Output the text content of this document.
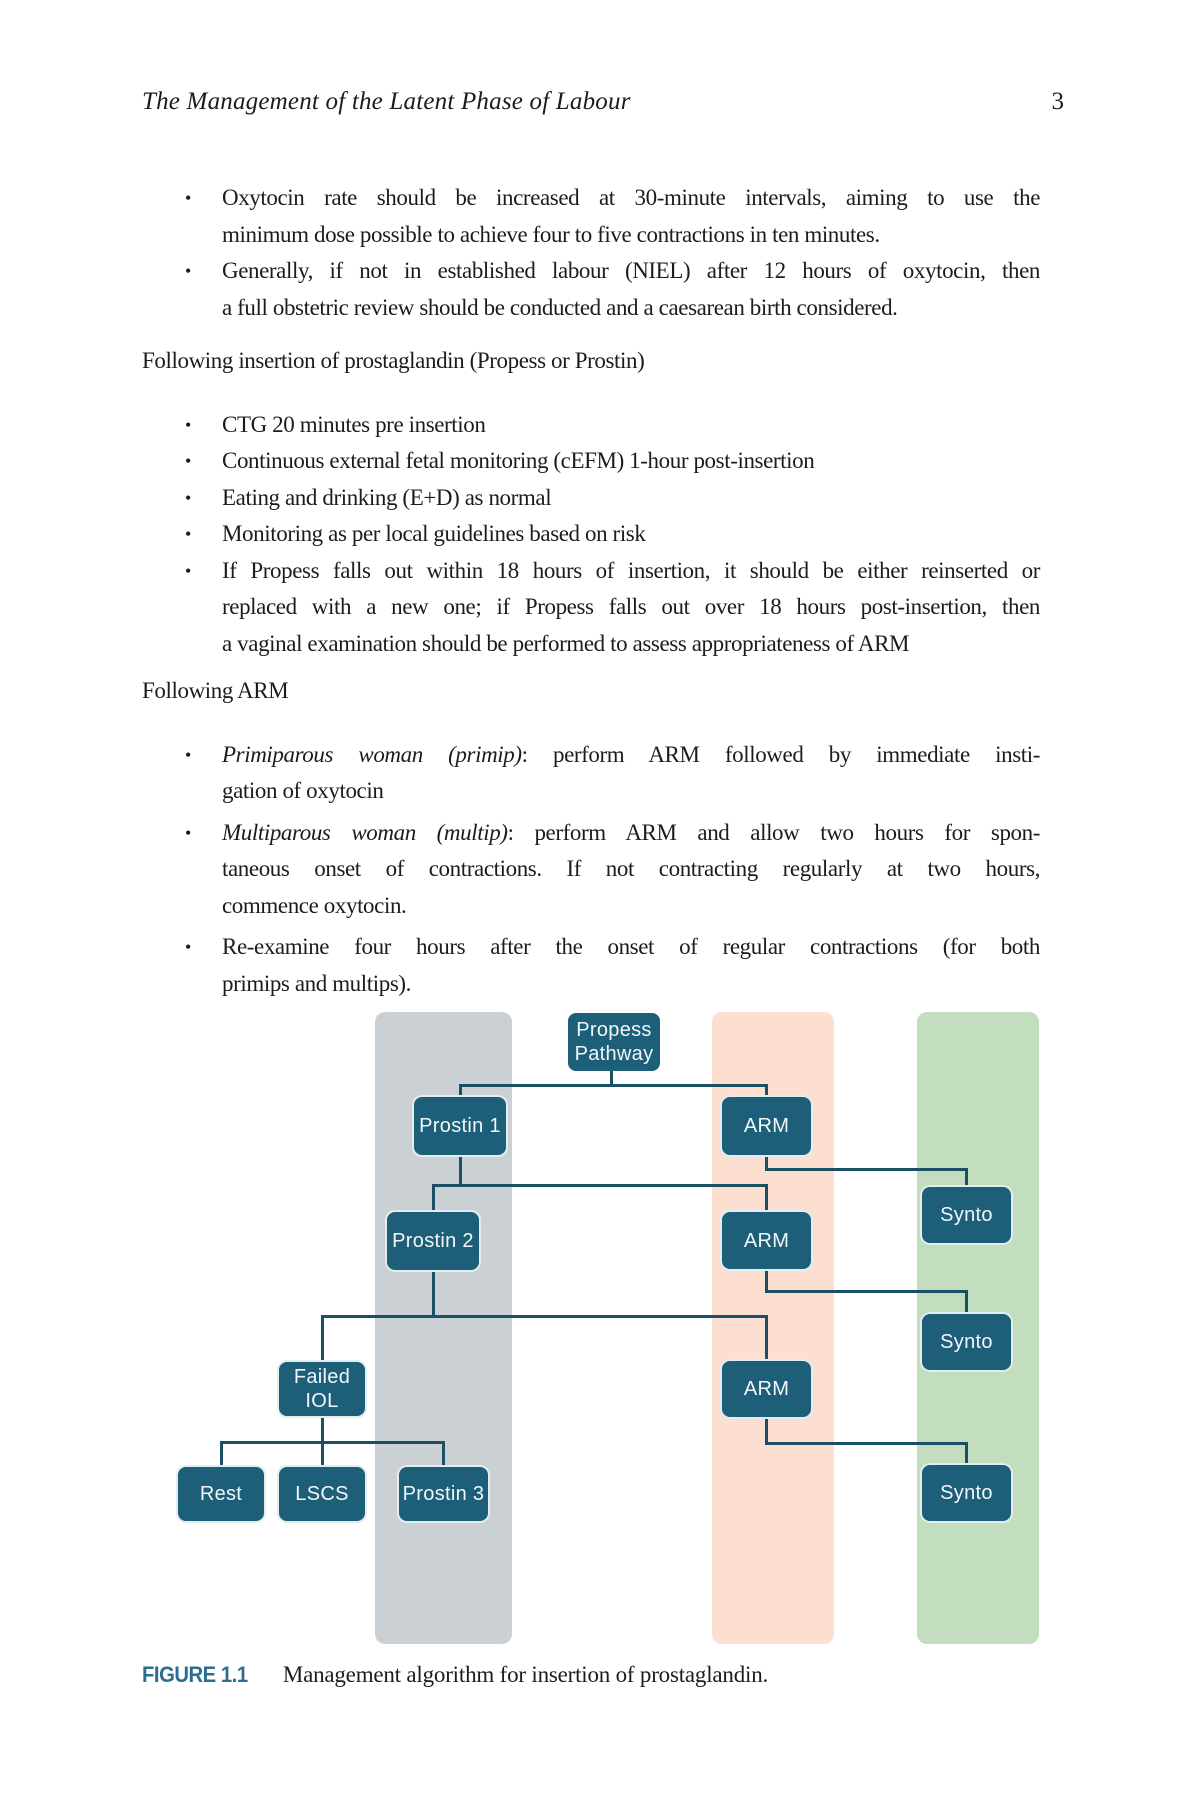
The Management of the Latent Phase of Labour	3
•	Oxytocin rate should be increased at 30-minute intervals, aiming to use the
minimum dose possible to achieve four to five contractions in ten minutes.
•	Generally, if not in established labour (NIEL) after 12 hours of oxytocin, then
a full obstetric review should be conducted and a caesarean birth considered.
Following insertion of prostaglandin (Propess or Prostin)
•	CTG 20 minutes pre insertion
•	Continuous external fetal monitoring (cEFM) 1-hour post-insertion
•	Eating and drinking (E+D) as normal
•	Monitoring as per local guidelines based on risk
•	If Propess falls out within 18 hours of insertion, it should be either reinserted or
replaced with a new one; if Propess falls out over 18 hours post-insertion, then
a vaginal examination should be performed to assess appropriateness of ARM
Following ARM
•	Primiparous woman (primip): perform ARM followed by immediate insti-
gation of oxytocin
•	Multiparous woman (multip): perform ARM and allow two hours for spon-
taneous onset of contractions. If not contracting regularly at two hours,
commence oxytocin.
•	Re-examine four hours after the onset of regular contractions (for both
primips and multips).
Propess Pathway
Prostin 1	ARM
Synto
Prostin 2	ARM
Synto
Failed IOL
ARM
Rest	LSCS	Prostin 3	Synto
FIGURE 1.1 Management algorithm for insertion of prostaglandin.
